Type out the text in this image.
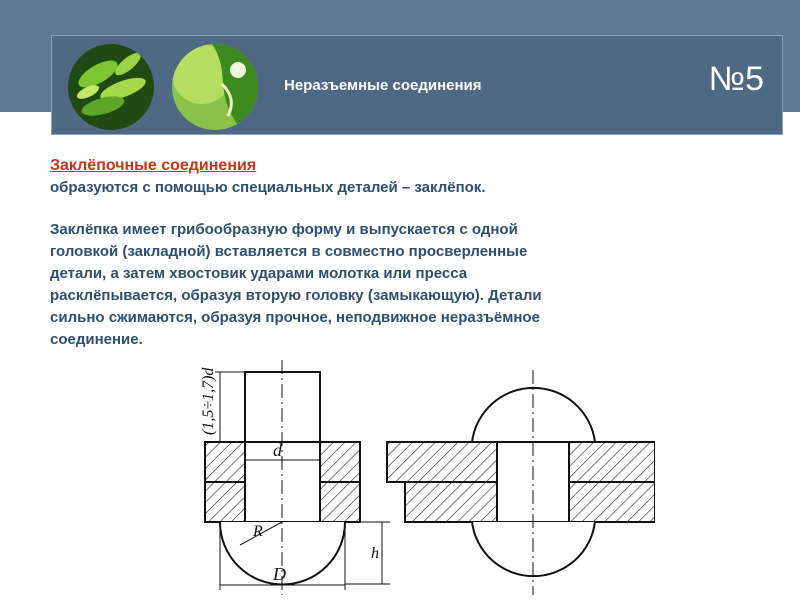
Неразъемные соединения	№5
Заклёпочные соединения
образуются с помощью специальных деталей – заклёпок.
Заклёпка имеет грибообразную форму и выпускается с одной
головкой (закладной) вставляется в совместно просверленные
детали, а затем хвостовик ударами молотка или пресса
расклёпывается, образуя вторую головку (замыкающую). Детали
сильно сжимаются, образуя прочное, неподвижное неразъёмное
соединение.
(1,5÷1,7)d
d
R
D
h
